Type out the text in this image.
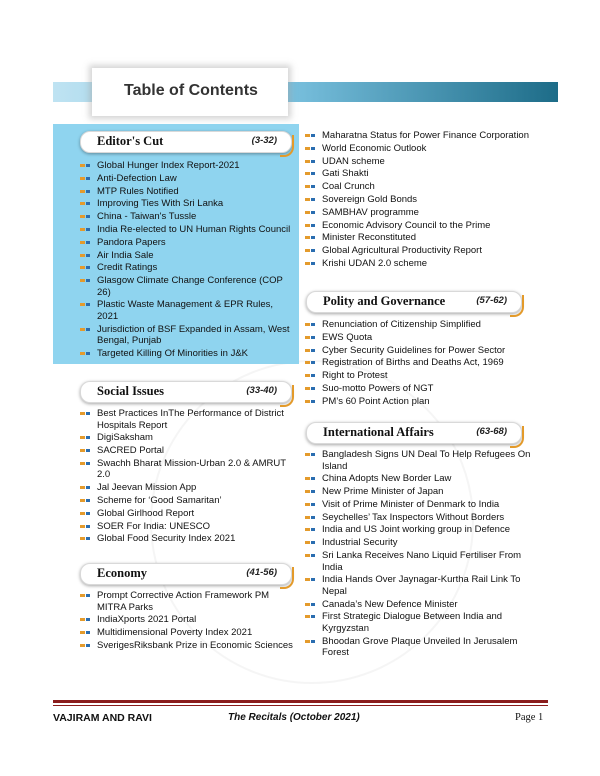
Table of Contents
Editor's Cut	(3-32)
Global Hunger Index Report-2021
Anti-Defection Law
MTP Rules Notified
Improving Ties With Sri Lanka
China - Taiwan's Tussle
India Re-elected to UN Human Rights Council
Pandora Papers
Air India Sale
Credit Ratings
Glasgow Climate Change Conference (COP 26)
Plastic Waste Management & EPR Rules, 2021
Jurisdiction of BSF Expanded in Assam, West Bengal, Punjab
Targeted Killing Of Minorities in J&K
Social Issues	(33-40)
Best Practices InThe Performance of District Hospitals Report
DigiSaksham
SACRED Portal
Swachh Bharat Mission-Urban 2.0 & AMRUT 2.0
Jal Jeevan Mission App
Scheme for ‘Good Samaritan’
Global Girlhood Report
SOER For India: UNESCO
Global Food Security Index 2021
Economy	(41-56)
Prompt Corrective Action Framework PM MITRA Parks
IndiaXports 2021 Portal
Multidimensional Poverty Index 2021
SverigesRiksbank Prize in Economic Sciences
Maharatna Status for Power Finance Corporation
World Economic Outlook
UDAN scheme
Gati Shakti
Coal Crunch
Sovereign Gold Bonds
SAMBHAV programme
Economic Advisory Council to the Prime
Minister Reconstituted
Global Agricultural Productivity Report
Krishi UDAN 2.0 scheme
Polity and Governance	(57-62)
Renunciation of Citizenship Simplified
EWS Quota
Cyber Security Guidelines for Power Sector
Registration of Births and Deaths Act, 1969
Right to Protest
Suo-motto Powers of NGT
PM’s 60 Point Action plan
International Affairs	(63-68)
Bangladesh Signs UN Deal To Help Refugees On Island
China Adopts New Border Law
New Prime Minister of Japan
Visit of Prime Minister of Denmark to India
Seychelles’ Tax Inspectors Without Borders
India and US Joint working group in Defence
Industrial Security
Sri Lanka Receives Nano Liquid Fertiliser From India
India Hands Over Jaynagar-Kurtha Rail Link To Nepal
Canada’s New Defence Minister
First Strategic Dialogue Between India and Kyrgyzstan
Bhoodan Grove Plaque Unveiled In Jerusalem Forest
VAJIRAM AND RAVI	The Recitals (October 2021)	Page 1
